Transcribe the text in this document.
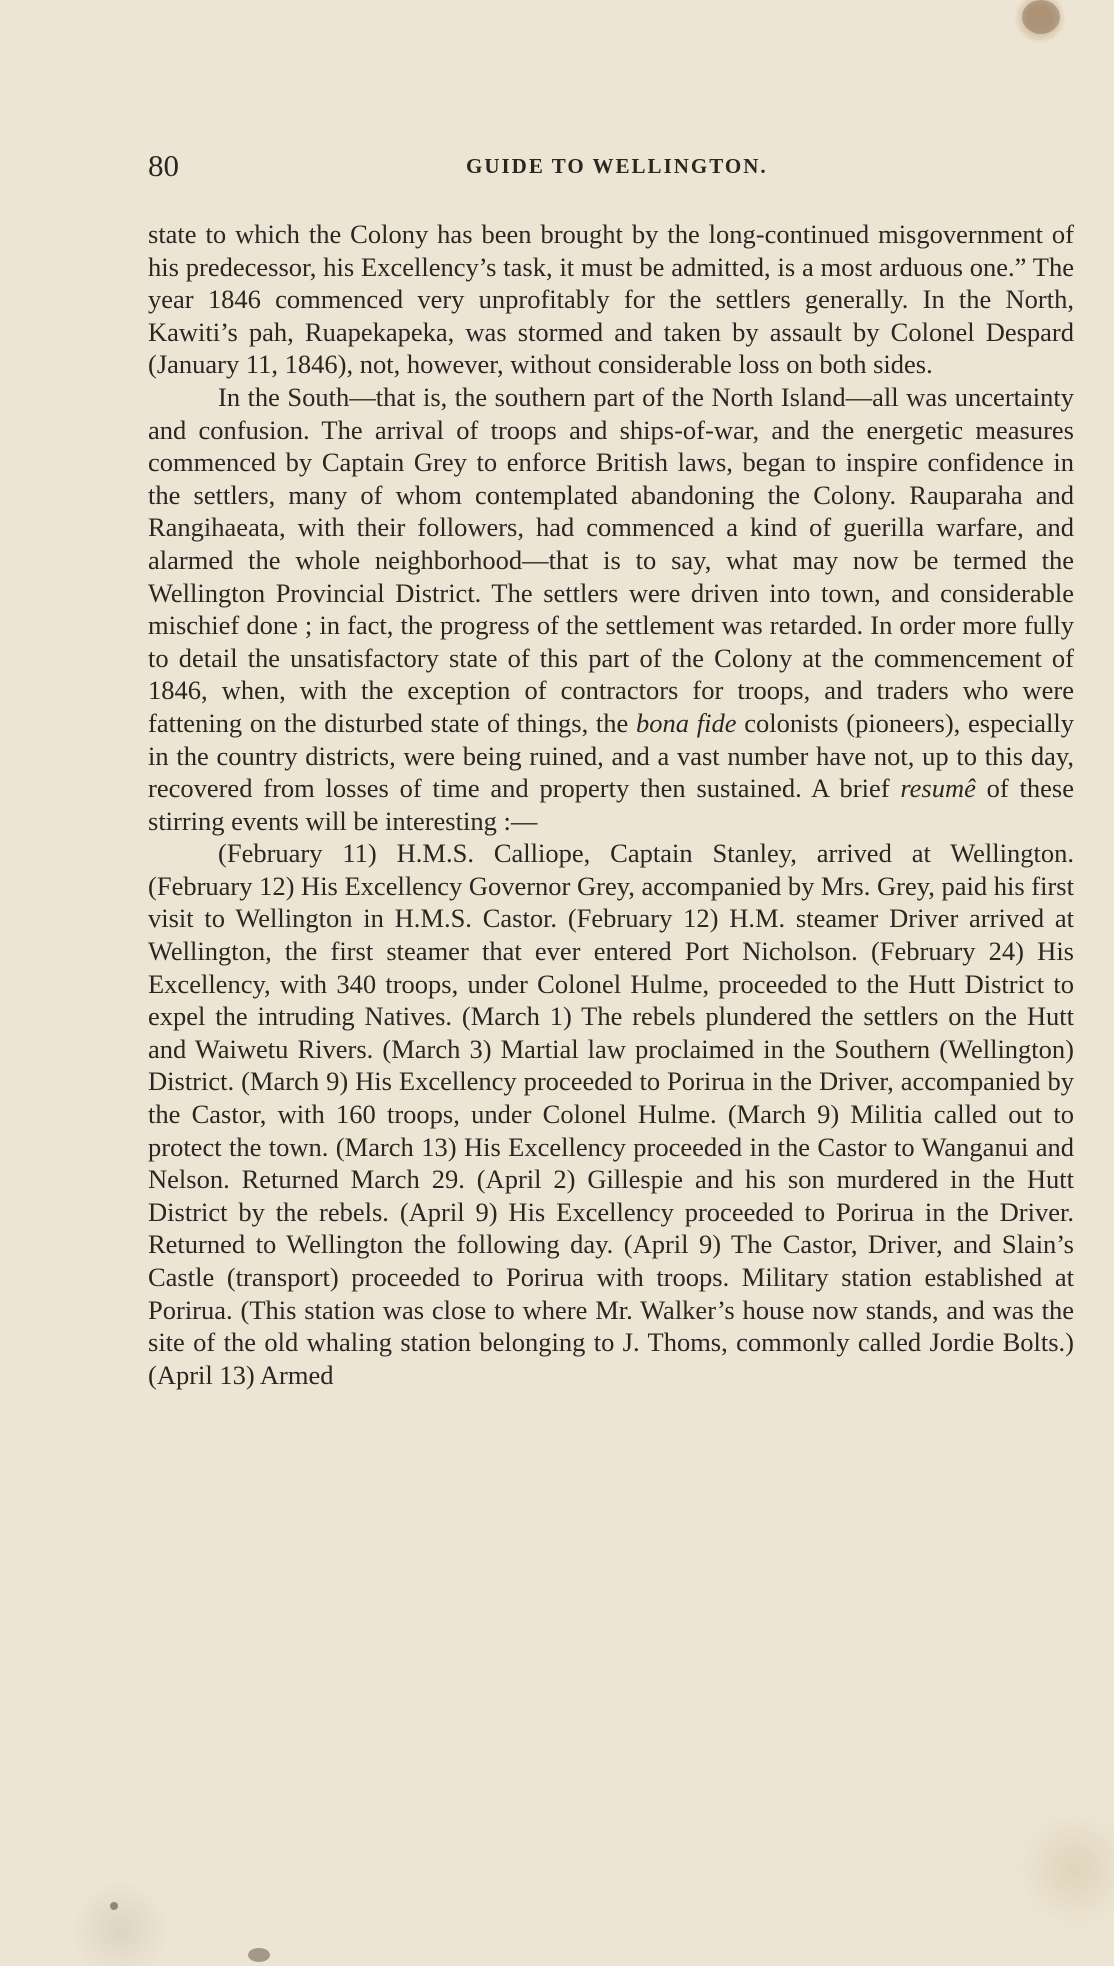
80	GUIDE TO WELLINGTON.

state to which the Colony has been brought by the long-continued misgovernment of his predecessor, his Excellency’s task, it must be admitted, is a most arduous one.” The year 1846 commenced very unprofitably for the settlers generally. In the North, Kawiti’s pah, Ruapekapeka, was stormed and taken by assault by Colonel Despard (January 11, 1846), not, however, without considerable loss on both sides.

In the South—that is, the southern part of the North Island—all was uncertainty and confusion. The arrival of troops and ships-of-war, and the energetic measures commenced by Captain Grey to enforce British laws, began to inspire confidence in the settlers, many of whom contemplated abandoning the Colony. Rauparaha and Rangihaeata, with their followers, had commenced a kind of guerilla warfare, and alarmed the whole neighborhood—that is to say, what may now be termed the Wellington Provincial District. The settlers were driven into town, and considerable mischief done ; in fact, the progress of the settlement was retarded. In order more fully to detail the unsatisfactory state of this part of the Colony at the commencement of 1846, when, with the exception of contractors for troops, and traders who were fattening on the disturbed state of things, the bona fide colonists (pioneers), especially in the country districts, were being ruined, and a vast number have not, up to this day, recovered from losses of time and property then sustained. A brief resumê of these stirring events will be interesting :—

(February 11) H.M.S. Calliope, Captain Stanley, arrived at Wellington. (February 12) His Excellency Governor Grey, accompanied by Mrs. Grey, paid his first visit to Wellington in H.M.S. Castor. (February 12) H.M. steamer Driver arrived at Wellington, the first steamer that ever entered Port Nicholson. (February 24) His Excellency, with 340 troops, under Colonel Hulme, proceeded to the Hutt District to expel the intruding Natives. (March 1) The rebels plundered the settlers on the Hutt and Waiwetu Rivers. (March 3) Martial law proclaimed in the Southern (Wellington) District. (March 9) His Excellency proceeded to Porirua in the Driver, accompanied by the Castor, with 160 troops, under Colonel Hulme. (March 9) Militia called out to protect the town. (March 13) His Excellency proceeded in the Castor to Wanganui and Nelson. Returned March 29. (April 2) Gillespie and his son murdered in the Hutt District by the rebels. (April 9) His Excellency proceeded to Porirua in the Driver. Returned to Wellington the following day. (April 9) The Castor, Driver, and Slain’s Castle (transport) proceeded to Porirua with troops. Military station established at Porirua. (This station was close to where Mr. Walker’s house now stands, and was the site of the old whaling station belonging to J. Thoms, commonly called Jordie Bolts.) (April 13) Armed
